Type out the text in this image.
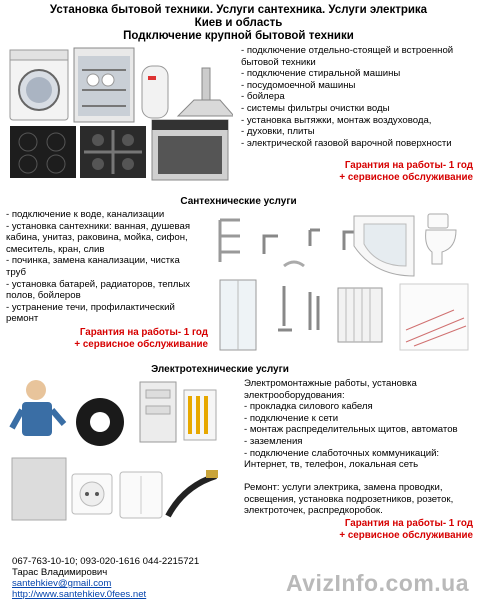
Установка бытовой техники. Услуги сантехника. Услуги электрика
Киев и область
Подключение крупной бытовой техники
- подключение отдельно-стоящей и встроенной
бытовой техники
- подключение стиральной машины
- посудомоечной машины
- бойлера
- системы фильтры очистки воды
- установка вытяжки, монтаж воздуховода,
- духовки, плиты
- электрической газовой варочной поверхности
Гарантия на работы- 1 год
+ сервисное обслуживание
Сантехнические услуги
- подключение к воде, канализации
- установка сантехники: ванная, душевая
кабина, унитаз, раковина, мойка, сифон,
смеситель, кран, слив
- починка, замена канализации, чистка
труб
- установка батарей, радиаторов, теплых
полов, бойлеров
- устранение течи, профилактический
ремонт
Гарантия на работы- 1 год
+ сервисное обслуживание
Электротехнические услуги
Электромонтажные работы, установка
электрооборудования:
- прокладка силового кабеля
- подключение к сети
- монтаж распределительных щитов, автоматов
- заземления
- подключение слаботочных коммуникаций:
Интернет, тв, телефон, локальная сеть
Ремонт: услуги электрика, замена проводки,
освещения, установка подрозетников, розеток,
электроточек, распредкоробок.
Гарантия на работы- 1 год
+ сервисное обслуживание
067-763-10-10; 093-020-1616 044-2215721
Тарас Владимирович
santehkiev@gmail.com
http://www.santehkiev.0fees.net	AvizInfo.com.ua
